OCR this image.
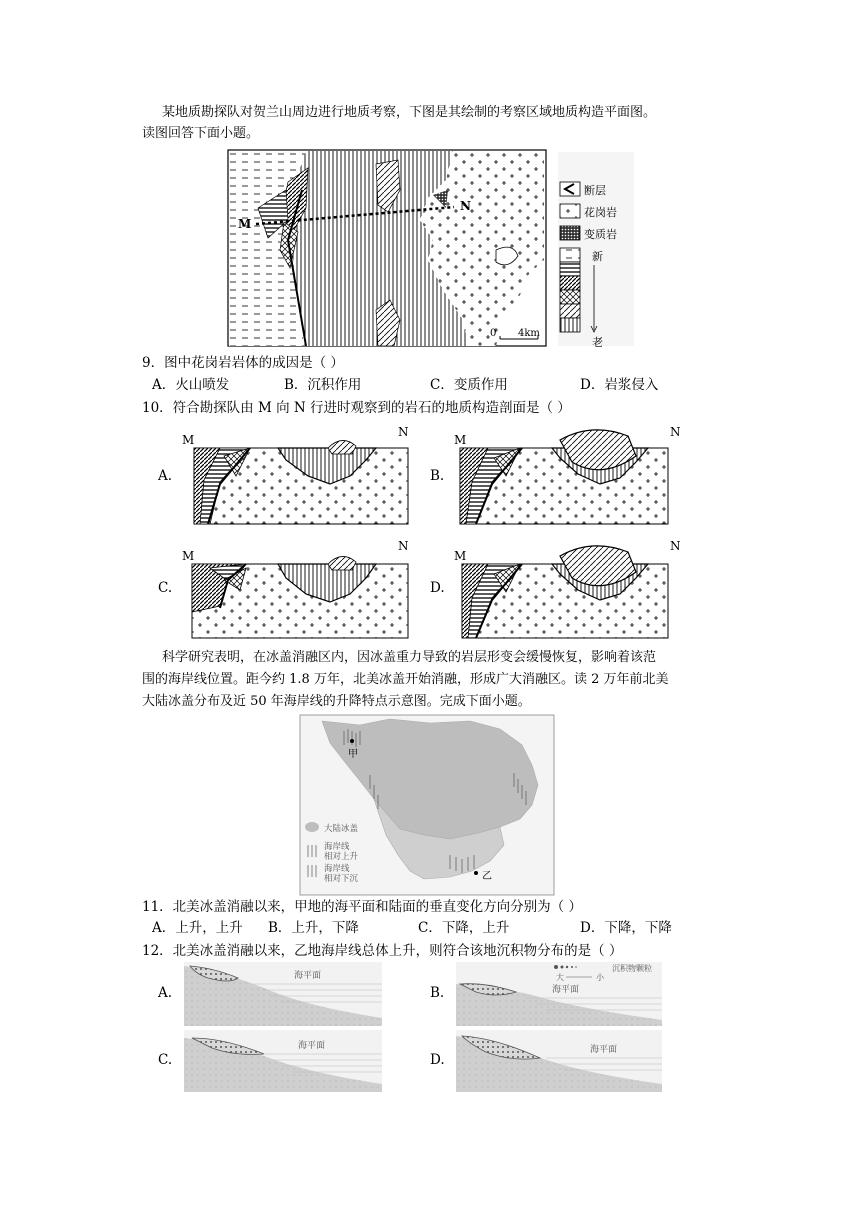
某地质勘探队对贺兰山周边进行地质考察，下图是其绘制的考察区域地质构造平面图。
读图回答下面小题。
M
N
0 4km
断层
花岗岩
变质岩
新
老
9．图中花岗岩岩体的成因是（ ）
A．火山喷发	B．沉积作用	C．变质作用	D．岩浆侵入
10．符合勘探队由 M 向 N 行进时观察到的岩石的地质构造剖面是（ ）
A.	B.
C.	D.
M
N
M
N
M
N
M
N
科学研究表明，在冰盖消融区内，因冰盖重力导致的岩层形变会缓慢恢复，影响着该范
围的海岸线位置。距今约 1.8 万年，北美冰盖开始消融，形成广大消融区。读 2 万年前北美
大陆冰盖分布及近 50 年海岸线的升降特点示意图。完成下面小题。
甲
乙
大陆冰盖
海岸线
相对上升
海岸线
相对下沉
11．北美冰盖消融以来，甲地的海平面和陆面的垂直变化方向分别为（ ）
A．上升，上升 B．上升，下降	C．下降，上升	D．下降，下降
12．北美冰盖消融以来，乙地海岸线总体上升，则符合该地沉积物分布的是（ ）
A.	B.
C.	D.
海平面
海平面
沉积物颗粒
大	小
海平面	海平面
